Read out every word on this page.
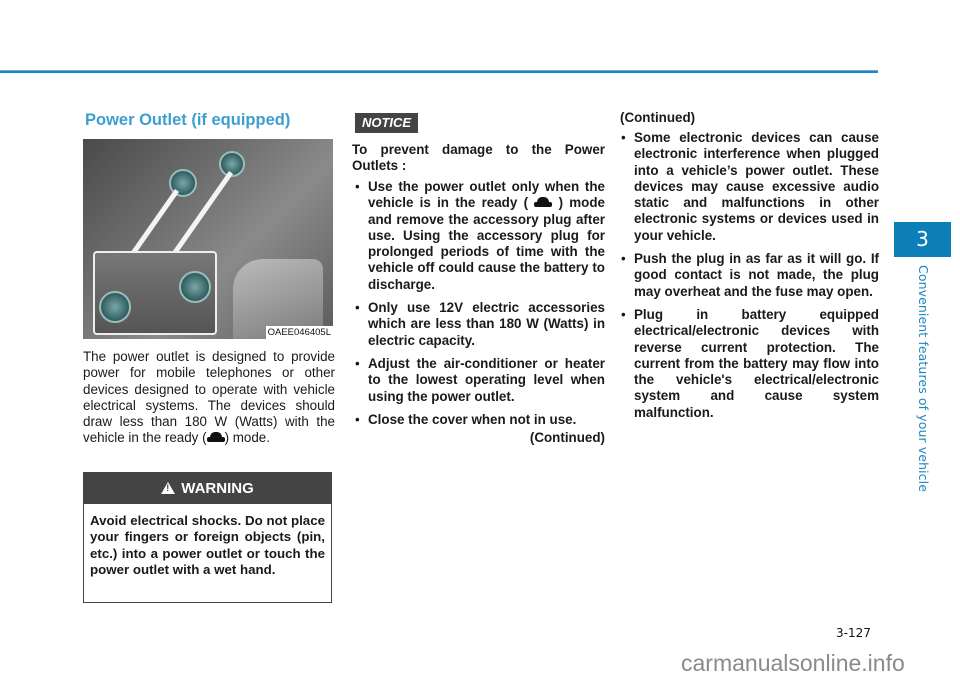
Power Outlet (if equipped)
OAEE046405L

The power outlet is designed to provide power for mobile telephones or other devices designed to operate with vehicle electrical systems. The devices should draw less than 180 W (Watts) with the vehicle in the ready ( ) mode.

!WARNING
Avoid electrical shocks. Do not place your fingers or foreign objects (pin, etc.) into a power outlet or touch the power outlet with a wet hand.
NOTICE

To prevent damage to the Power Outlets :

• Use the power outlet only when the vehicle is in the ready ( ) mode and remove the accessory plug after use. Using the accessory plug for prolonged periods of time with the vehicle off could cause the battery to discharge.
• Only use 12V electric accessories which are less than 180 W (Watts) in electric capacity.
• Adjust the air-conditioner or heater to the lowest operating level when using the power outlet.
• Close the cover when not in use.
(Continued)
(Continued)
• Some electronic devices can cause electronic interference when plugged into a vehicle’s power outlet. These devices may cause excessive audio static and malfunctions in other electronic systems or devices used in your vehicle.
• Push the plug in as far as it will go. If good contact is not made, the plug may overheat and the fuse may open.
• Plug in battery equipped electrical/electronic devices with reverse current protection. The current from the battery may flow into the vehicle's electrical/electronic system and cause system malfunction.
3
Convenient features of your vehicle
3-127
carmanualsonline.info
